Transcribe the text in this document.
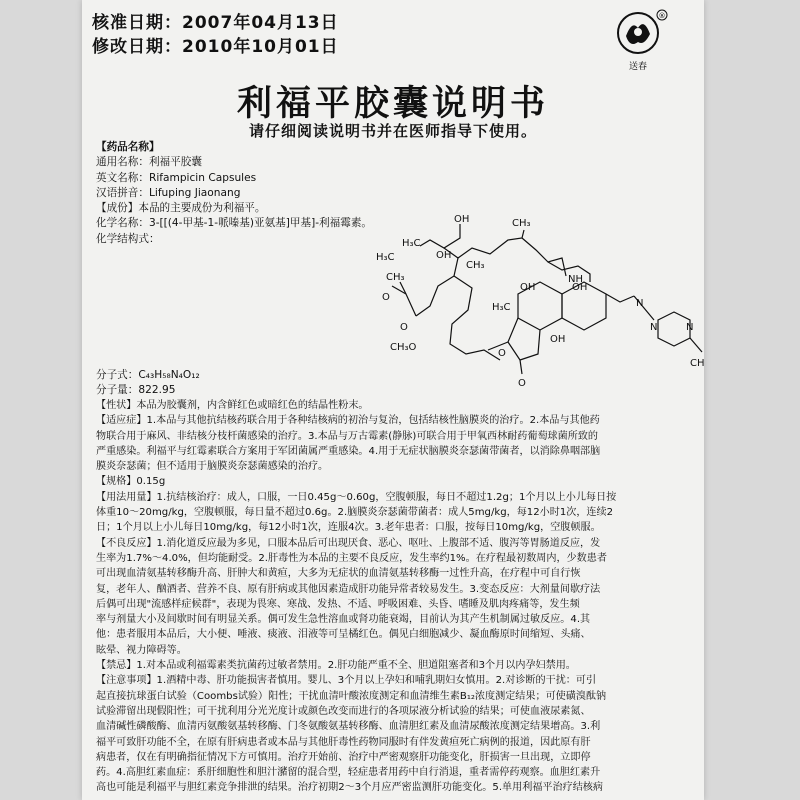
核准日期：2007年04月13日
修改日期：2010年10月01日
®
送春
利福平胶囊说明书
请仔细阅读说明书并在医师指导下使用。
【药品名称】
通用名称：利福平胶囊
英文名称：Rifampicin Capsules
汉语拼音：Lifuping Jiaonang
【成份】本品的主要成份为利福平。
化学名称：3-[[(4-甲基-1-哌嗪基)亚氨基]甲基]-利福霉素。
化学结构式：
OH
H₃C
CH₃
H₃C	OH
CH₃
NH
OH	OH
H₃C
CH₃
O
O
CH₃O
OH
N
N	N
CH₃
O
O
分子式：C₄₃H₅₈N₄O₁₂
分子量：822.95
【性状】本品为胶囊剂，内含鲜红色或暗红色的结晶性粉末。
【适应症】1.本品与其他抗结核药联合用于各种结核病的初治与复治，包括结核性脑膜炎的治疗。2.本品与其他药
物联合用于麻风、非结核分枝杆菌感染的治疗。3.本品与万古霉素(静脉)可联合用于甲氧西林耐药葡萄球菌所致的
严重感染。利福平与红霉素联合方案用于军团菌属严重感染。4.用于无症状脑膜炎奈瑟菌带菌者，以消除鼻咽部脑
膜炎奈瑟菌；但不适用于脑膜炎奈瑟菌感染的治疗。
【规格】0.15g
【用法用量】1.抗结核治疗：成人，口服，一日0.45g～0.60g，空腹顿服，每日不超过1.2g；1个月以上小儿每日按
体重10～20mg/kg，空腹顿服，每日量不超过0.6g。2.脑膜炎奈瑟菌带菌者：成人5mg/kg，每12小时1次，连续2
日；1个月以上小儿每日10mg/kg，每12小时1次，连服4次。3.老年患者：口服，按每日10mg/kg，空腹顿服。
【不良反应】1.消化道反应最为多见，口服本品后可出现厌食、恶心、呕吐、上腹部不适、腹泻等胃肠道反应，发
生率为1.7%～4.0%，但均能耐受。2.肝毒性为本品的主要不良反应，发生率约1%。在疗程最初数周内，少数患者
可出现血清氨基转移酶升高、肝肿大和黄疸，大多为无症状的血清氨基转移酶一过性升高，在疗程中可自行恢
复，老年人、酗酒者、营养不良、原有肝病或其他因素造成肝功能异常者较易发生。3.变态反应：大剂量间歇疗法
后偶可出现"流感样症候群"，表现为畏寒、寒战、发热、不适、呼吸困难、头昏、嗜睡及肌肉疼痛等，发生频
率与剂量大小及间歇时间有明显关系。偶可发生急性溶血或肾功能衰竭，目前认为其产生机制属过敏反应。4.其
他：患者服用本品后，大小便、唾液、痰液、泪液等可呈橘红色。偶见白细胞减少、凝血酶原时间缩短、头痛、
眩晕、视力障碍等。
【禁忌】1.对本品或利福霉素类抗菌药过敏者禁用。2.肝功能严重不全、胆道阻塞者和3个月以内孕妇禁用。
【注意事项】1.酒精中毒、肝功能损害者慎用。婴儿、3个月以上孕妇和哺乳期妇女慎用。2.对诊断的干扰：可引
起直接抗球蛋白试验（Coombs试验）阳性；干扰血清叶酸浓度测定和血清维生素B₁₂浓度测定结果；可使磺溴酞钠
试验滞留出现假阳性；可干扰利用分光光度计或颜色改变而进行的各项尿液分析试验的结果；可使血液尿素氮、
血清碱性磷酸酶、血清丙氨酸氨基转移酶、门冬氨酸氨基转移酶、血清胆红素及血清尿酸浓度测定结果增高。3.利
福平可致肝功能不全，在原有肝病患者或本品与其他肝毒性药物同服时有伴发黄疸死亡病例的报道，因此原有肝
病患者，仅在有明确指征情况下方可慎用。治疗开始前、治疗中严密观察肝功能变化，肝损害一旦出现，立即停
药。4.高胆红素血症：系肝细胞性和胆汁瀦留的混合型，轻症患者用药中自行消退，重者需停药观察。血胆红素升
高也可能是利福平与胆红素竞争排泄的结果。治疗初期2～3个月应严密监测肝功能变化。5.单用利福平治疗结核病
